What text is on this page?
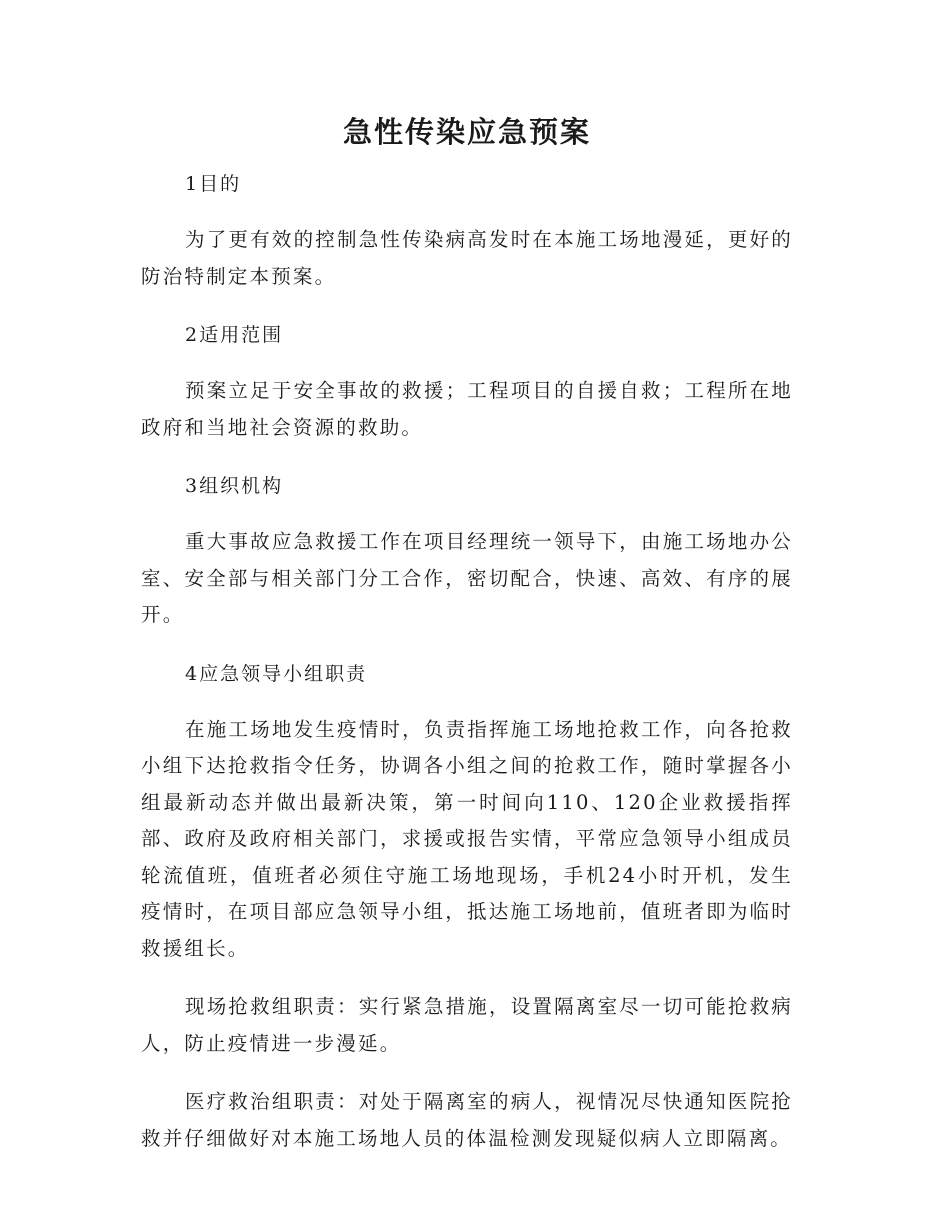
急性传染应急预案

1目的

为了更有效的控制急性传染病高发时在本施工场地漫延，更好的防治特制定本预案。

2适用范围

预案立足于安全事故的救援；工程项目的自援自救；工程所在地政府和当地社会资源的救助。

3组织机构

重大事故应急救援工作在项目经理统一领导下，由施工场地办公室、安全部与相关部门分工合作，密切配合，快速、高效、有序的展开。

4应急领导小组职责

在施工场地发生疫情时，负责指挥施工场地抢救工作，向各抢救小组下达抢救指令任务，协调各小组之间的抢救工作，随时掌握各小组最新动态并做出最新决策，第一时间向110、120企业救援指挥部、政府及政府相关部门，求援或报告实情，平常应急领导小组成员轮流值班，值班者必须住守施工场地现场，手机24小时开机，发生疫情时，在项目部应急领导小组，抵达施工场地前，值班者即为临时救援组长。

现场抢救组职责：实行紧急措施，设置隔离室尽一切可能抢救病人，防止疫情进一步漫延。

医疗救治组职责：对处于隔离室的病人，视情况尽快通知医院抢救并仔细做好对本施工场地人员的体温检测发现疑似病人立即隔离。
